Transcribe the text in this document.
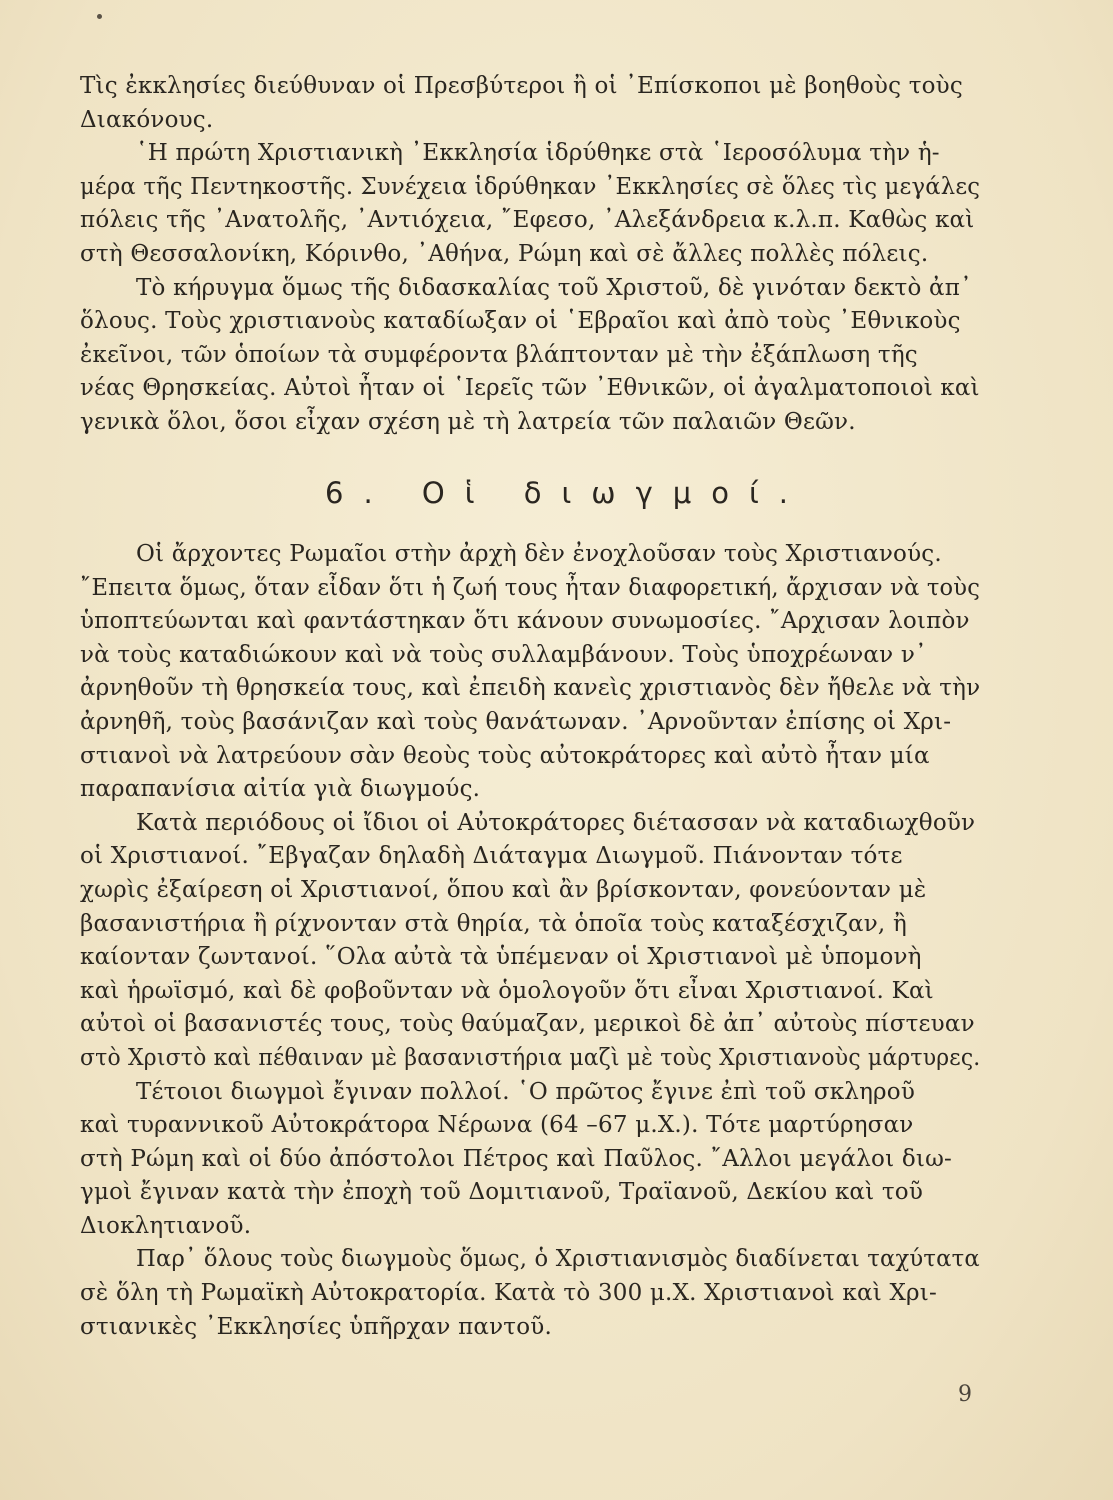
Τὶς ἐκκλησίες διεύθυναν οἱ Πρεσβύτεροι ἢ οἱ ᾿Επίσκοποι μὲ βοηθοὺς τοὺς
Διακόνους.

῾Η πρώτη Χριστιανικὴ ᾿Εκκλησία ἱδρύθηκε στὰ ῾Ιεροσόλυμα τὴν ἡ-
μέρα τῆς Πεντηκοστῆς. Συνέχεια ἱδρύθηκαν ᾿Εκκλησίες σὲ ὅλες τὶς μεγάλες
πόλεις τῆς ᾿Ανατολῆς, ᾿Αντιόχεια, ῎Εφεσο, ᾿Αλεξάνδρεια κ.λ.π. Καθὼς καὶ
στὴ Θεσσαλονίκη, Κόρινθο, ᾿Αθήνα, Ρώμη καὶ σὲ ἄλλες πολλὲς πόλεις.

Τὸ κήρυγμα ὅμως τῆς διδασκαλίας τοῦ Χριστοῦ, δὲ γινόταν δεκτὸ ἀπ᾿
ὅλους. Τοὺς χριστιανοὺς καταδίωξαν οἱ ῾Εβραῖοι καὶ ἀπὸ τοὺς ᾿Εθνικοὺς
ἐκεῖνοι, τῶν ὁποίων τὰ συμφέροντα βλάπτονταν μὲ τὴν ἐξάπλωση τῆς
νέας Θρησκείας. Αὐτοὶ ἦταν οἱ ῾Ιερεῖς τῶν ᾿Εθνικῶν, οἱ ἀγαλματοποιοὶ καὶ
γενικὰ ὅλοι, ὅσοι εἶχαν σχέση μὲ τὴ λατρεία τῶν παλαιῶν Θεῶν.

6. Οἱ διωγμοί.

Οἱ ἄρχοντες Ρωμαῖοι στὴν ἀρχὴ δὲν ἐνοχλοῦσαν τοὺς Χριστιανούς.
῎Επειτα ὅμως, ὅταν εἶδαν ὅτι ἡ ζωή τους ἦταν διαφορετική, ἄρχισαν νὰ τοὺς
ὑποπτεύωνται καὶ φαντάστηκαν ὅτι κάνουν συνωμοσίες. ῎Αρχισαν λοιπὸν
νὰ τοὺς καταδιώκουν καὶ νὰ τοὺς συλλαμβάνουν. Τοὺς ὑποχρέωναν ν᾿
ἀρνηθοῦν τὴ θρησκεία τους, καὶ ἐπειδὴ κανεὶς χριστιανὸς δὲν ἤθελε νὰ τὴν
ἀρνηθῆ, τοὺς βασάνιζαν καὶ τοὺς θανάτωναν. ᾿Αρνοῦνταν ἐπίσης οἱ Χρι-
στιανοὶ νὰ λατρεύουν σὰν θεοὺς τοὺς αὐτοκράτορες καὶ αὐτὸ ἦταν μία
παραπανίσια αἰτία γιὰ διωγμούς.

Κατὰ περιόδους οἱ ἴδιοι οἱ Αὐτοκράτορες διέτασσαν νὰ καταδιωχθοῦν
οἱ Χριστιανοί. ῎Εβγαζαν δηλαδὴ Διάταγμα Διωγμοῦ. Πιάνονταν τότε
χωρὶς ἐξαίρεση οἱ Χριστιανοί, ὅπου καὶ ἂν βρίσκονταν, φονεύονταν μὲ
βασανιστήρια ἢ ρίχνονταν στὰ θηρία, τὰ ὁποῖα τοὺς καταξέσχιζαν, ἢ
καίονταν ζωντανοί. ῞Ολα αὐτὰ τὰ ὑπέμεναν οἱ Χριστιανοὶ μὲ ὑπομονὴ
καὶ ἡρωϊσμό, καὶ δὲ φοβοῦνταν νὰ ὁμολογοῦν ὅτι εἶναι Χριστιανοί. Καὶ
αὐτοὶ οἱ βασανιστές τους, τοὺς θαύμαζαν, μερικοὶ δὲ ἀπ᾿ αὐτοὺς πίστευαν
στὸ Χριστὸ καὶ πέθαιναν μὲ βασανιστήρια μαζὶ μὲ τοὺς Χριστιανοὺς μάρτυρες.

Τέτοιοι διωγμοὶ ἔγιναν πολλοί. ῾Ο πρῶτος ἔγινε ἐπὶ τοῦ σκληροῦ
καὶ τυραννικοῦ Αὐτοκράτορα Νέρωνα (64 –67 μ.Χ.). Τότε μαρτύρησαν
στὴ Ρώμη καὶ οἱ δύο ἀπόστολοι Πέτρος καὶ Παῦλος. ῎Αλλοι μεγάλοι διω-
γμοὶ ἔγιναν κατὰ τὴν ἐποχὴ τοῦ Δομιτιανοῦ, Τραϊανοῦ, Δεκίου καὶ τοῦ
Διοκλητιανοῦ.

Παρ᾿ ὅλους τοὺς διωγμοὺς ὅμως, ὁ Χριστιανισμὸς διαδίνεται ταχύτατα
σὲ ὅλη τὴ Ρωμαϊκὴ Αὐτοκρατορία. Κατὰ τὸ 300 μ.Χ. Χριστιανοὶ καὶ Χρι-
στιανικὲς ᾿Εκκλησίες ὑπῆρχαν παντοῦ.

9
